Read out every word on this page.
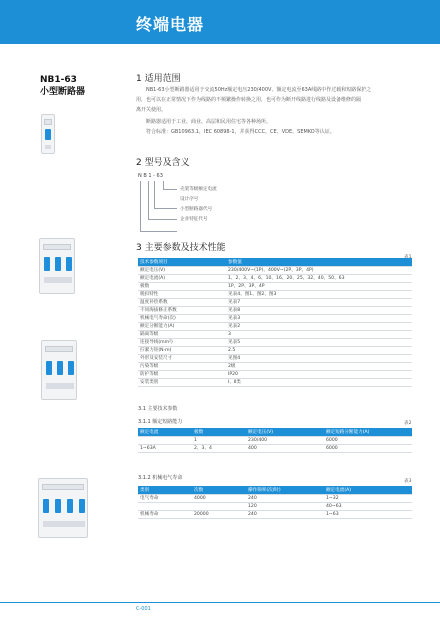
终端电器
NB1-63
小型断路器
1 适用范围
NB1-63小型断路器适用于交流50Hz额定电压230/400V、额定电流至63A线路中作过载和短路保护之
用，也可以在正常情况下作为线路的不频繁操作转换之用，也可作为断开线路进行线路及设备维修的隔
离开关使用。
断路器适用于工业、商业、高层和民用住宅等各种场所。
符合标准：GB10963.1，IEC 60898-1，并获得CCC、CE、VDE、SEMKO等认证。
2 型号及含义
N B 1 - 63
壳架等级额定电流
设计序号
小型断路器代号
企业特征代号
3 主要参数及技术性能
技术参数项目	参数值
额定电压(V)	230/400V~(1P)、400V~(2P、3P、4P)
额定电流(A)	1、2、3、4、6、10、16、20、25、32、40、50、63
极数	1P、2P、3P、4P
脱扣特性	见表4、图1、图2、图3
温度补偿系数	见表7
不同海拔修正系数	见表8
机械电气寿命(次)	见表3
额定分断能力(A)	见表2
隔离等级	3
连接导线(mm²)	见表5
拧紧力矩(N·m)	2.5
外形及安装尺寸	见图4
污染等级	2级
防护等级	IP20
安装类别	Ⅰ、Ⅱ类
3.1 主要技术参数
3.1.1 额定短路能力	表2
额定电流	极数	额定电压(V)	额定短路分断能力(A)
	1	230/400	6000
1~63A	2、3、4	400	6000
3.1.2 机械电气寿命
表3
类别	次数	操作频率(次/时)	额定电流(A)
电气寿命	4000	240	1~32
		120	40~63
机械寿命	20000	240	1~63
C-001
